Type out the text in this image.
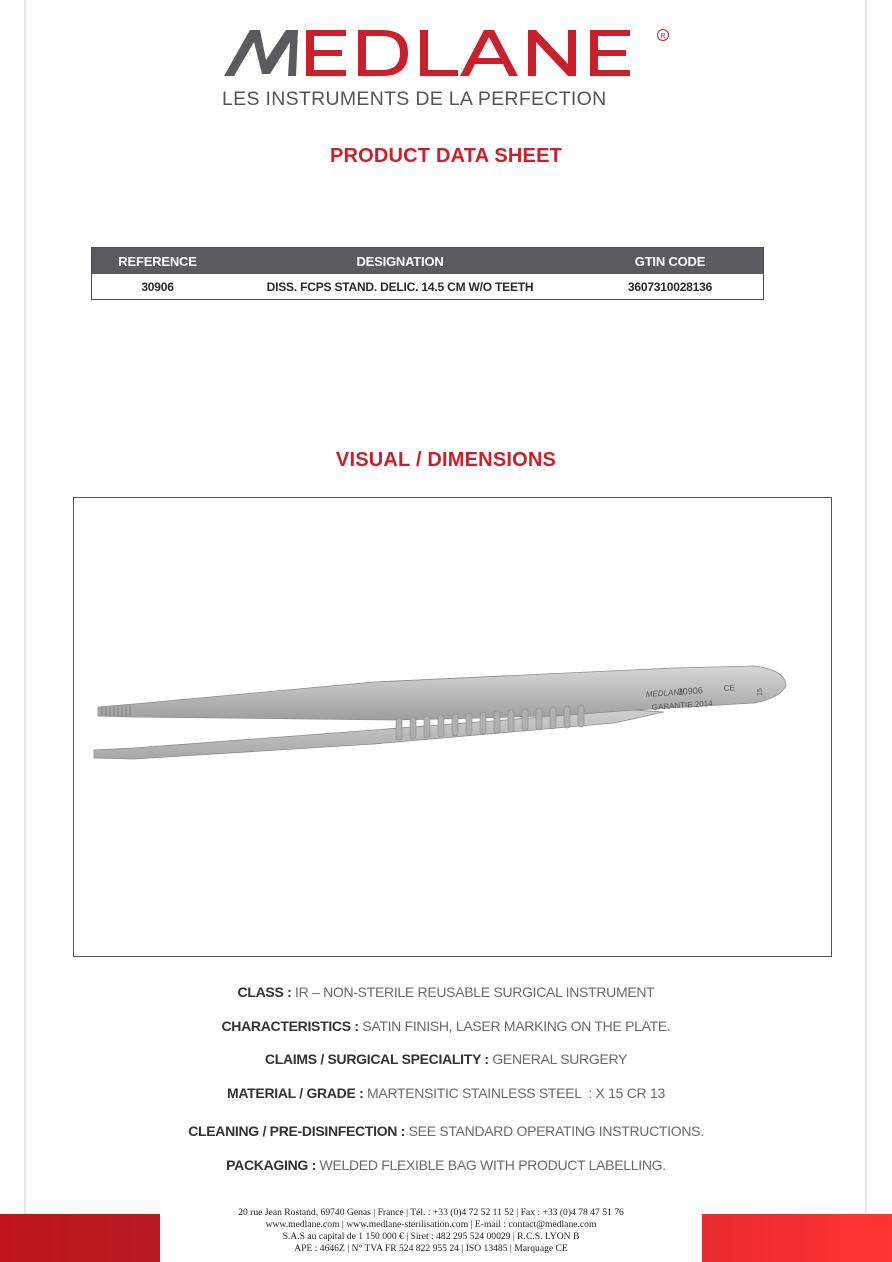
R
LES INSTRUMENTS DE LA PERFECTION
PRODUCT DATA SHEET
REFERENCE	DESIGNATION	GTIN CODE
30906	DISS. FCPS STAND. DELIC. 14.5 CM W/O TEETH	3607310028136
VISUAL / DIMENSIONS
MEDLANE
30906	CE
GARANTIE 2014
15
CLASS : IR – NON-STERILE REUSABLE SURGICAL INSTRUMENT
CHARACTERISTICS : SATIN FINISH, LASER MARKING ON THE PLATE.
CLAIMS / SURGICAL SPECIALITY : GENERAL SURGERY
MATERIAL / GRADE : MARTENSITIC STAINLESS STEEL  : X 15 CR 13
CLEANING / PRE-DISINFECTION : SEE STANDARD OPERATING INSTRUCTIONS.
PACKAGING : WELDED FLEXIBLE BAG WITH PRODUCT LABELLING.
20 rue Jean Rostand, 69740 Genas | France | Tél. : +33 (0)4 72 52 11 52 | Fax : +33 (0)4 78 47 51 76
www.medlane.com | www.medlane-sterilisation.com | E-mail : contact@medlane.com
S.A.S au capital de 1 150 000 € | Siret : 482 295 524 00029 | R.C.S. LYON B
APE : 4646Z | N° TVA FR 524 822 955 24 | ISO 13485 | Marquage CE
